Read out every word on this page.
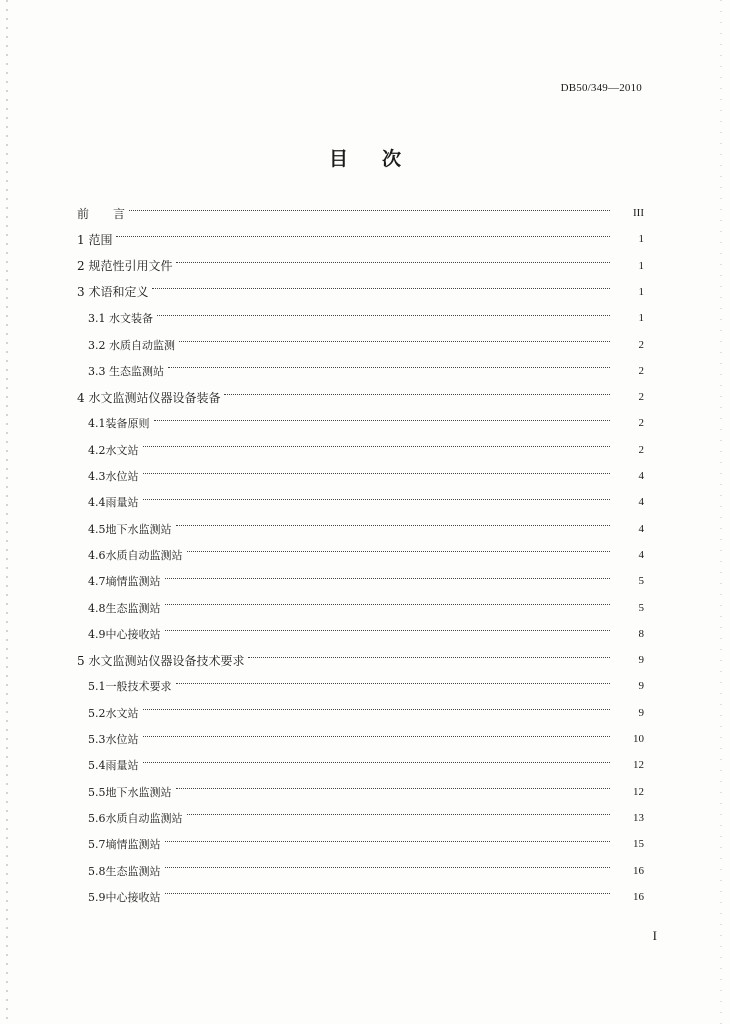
DB50/349—2010
目 次
前　　言	III
1 范围	1
2 规范性引用文件	1
3 术语和定义	1
3.1 水文装备	1
3.2 水质自动监测	2
3.3 生态监测站	2
4 水文监测站仪器设备装备	2
4.1装备原则	2
4.2水文站	2
4.3水位站	4
4.4雨量站	4
4.5地下水监测站	4
4.6水质自动监测站	4
4.7墒情监测站	5
4.8生态监测站	5
4.9中心接收站	8
5 水文监测站仪器设备技术要求	9
5.1一般技术要求	9
5.2水文站	9
5.3水位站	10
5.4雨量站	12
5.5地下水监测站	12
5.6水质自动监测站	13
5.7墒情监测站	15
5.8生态监测站	16
5.9中心接收站	16
I
